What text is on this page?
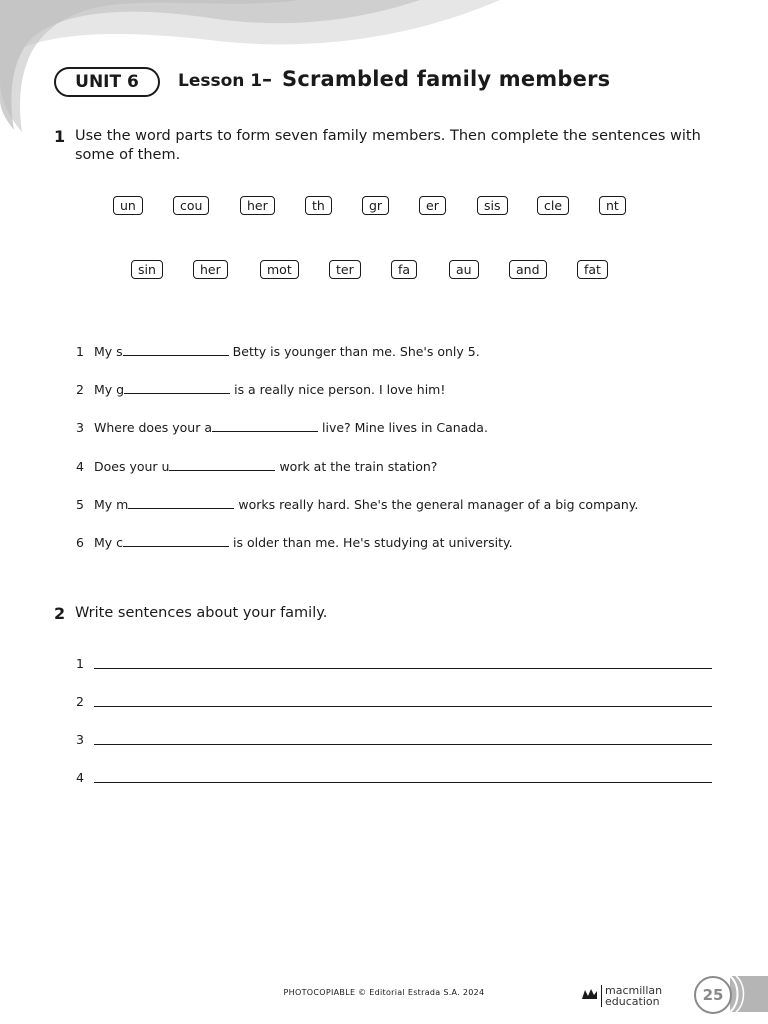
UNIT 6	Lesson 1 – Scrambled family members
1 Use the word parts to form seven family members. Then complete the sentences with some of them.
un	cou	her	th	gr	er	sis	cle	nt
sin	her	mot	ter	fa	au	and	fat
1 My s	Betty is younger than me. She's only 5.
2 My g	is a really nice person. I love him!
3 Where does your a	live? Mine lives in Canada.
4 Does your u	work at the train station?
5 My m	works really hard. She's the general manager of a big company.
6 My c	is older than me. He's studying at university.
2 Write sentences about your family.
1
2
3
4
PHOTOCOPIABLE © Editorial Estrada S.A. 2024	macmillan
education	25
